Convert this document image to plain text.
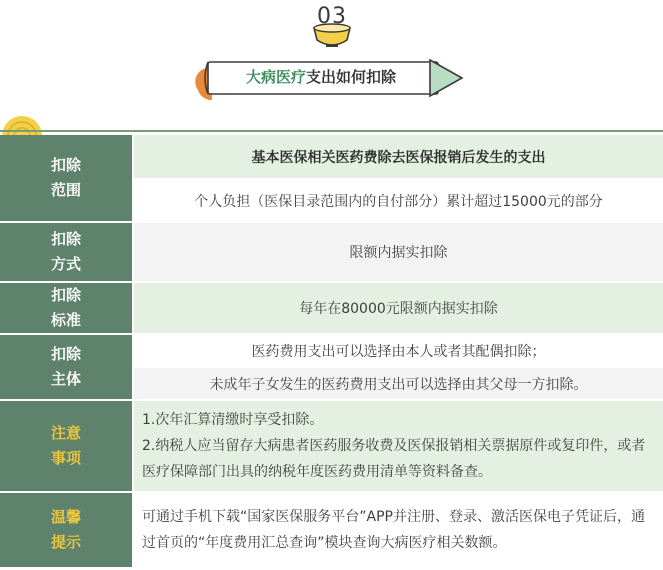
03
大病医疗支出如何扣除
扣除
范围
基本医保相关医药费除去医保报销后发生的支出
个人负担（医保目录范围内的自付部分）累计超过15000元的部分
扣除
方式
限额内据实扣除
扣除
标准
每年在80000元限额内据实扣除
扣除
主体
医药费用支出可以选择由本人或者其配偶扣除；
未成年子女发生的医药费用支出可以选择由其父母一方扣除。
注意
事项
1.次年汇算清缴时享受扣除。
2.纳税人应当留存大病患者医药服务收费及医保报销相关票据原件或复印件，或者医疗保障部门出具的纳税年度医药费用清单等资料备查。
温馨
提示
可通过手机下载“国家医保服务平台”APP并注册、登录、激活医保电子凭证后，通过首页的“年度费用汇总查询”模块查询大病医疗相关数额。
